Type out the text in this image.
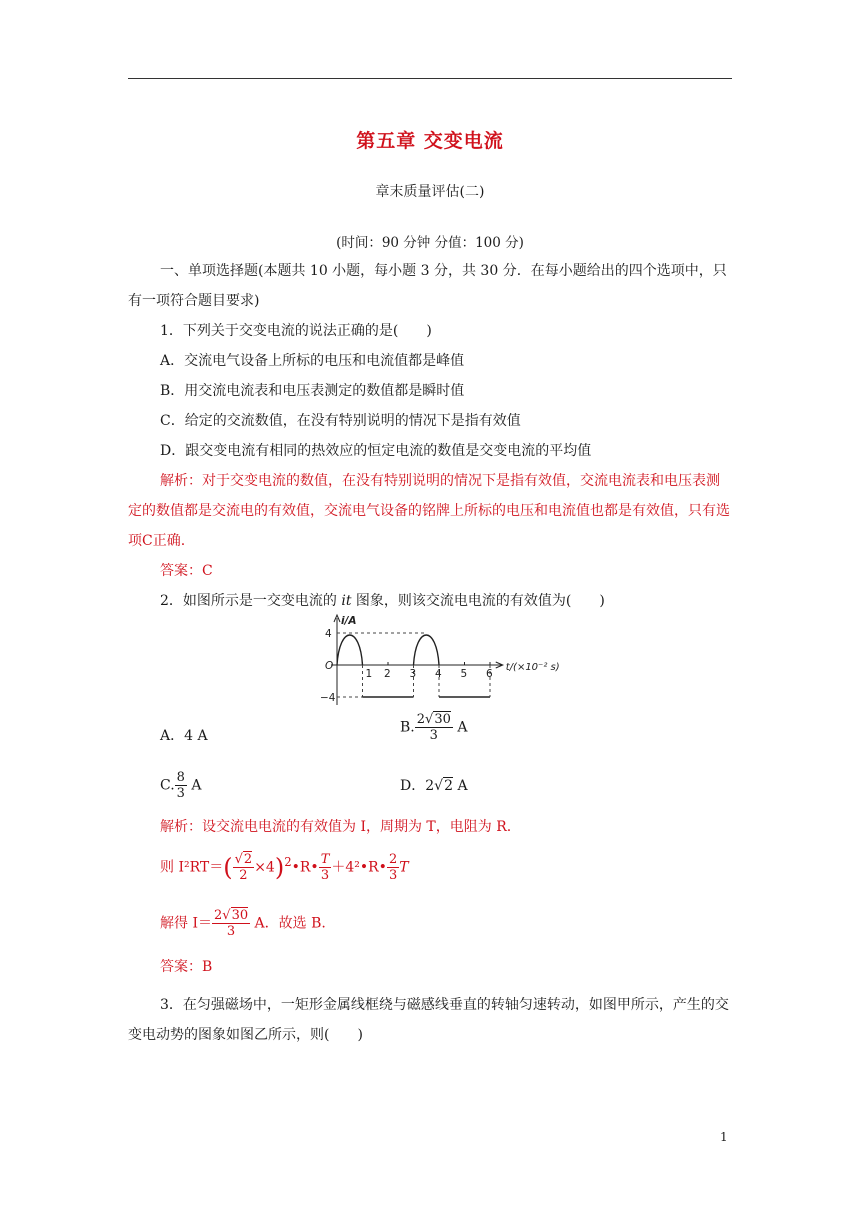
第五章 交变电流
章末质量评估(二)
(时间：90 分钟 分值：100 分)
一、单项选择题(本题共 10 小题，每小题 3 分，共 30 分．在每小题给出的四个选项中，只有一项符合题目要求)
1．下列关于交变电流的说法正确的是(　　)
A．交流电气设备上所标的电压和电流值都是峰值
B．用交流电流表和电压表测定的数值都是瞬时值
C．给定的交流数值，在没有特别说明的情况下是指有效值
D．跟交变电流有相同的热效应的恒定电流的数值是交变电流的平均值
解析：对于交变电流的数值，在没有特别说明的情况下是指有效值，交流电流表和电压表测定的数值都是交流电的有效值，交流电气设备的铭牌上所标的电压和电流值也都是有效值，只有选项C正确.
答案：C
2．如图所示是一交变电流的 it 图象，则该交流电电流的有效值为(　　)
1 2 3 4 5 6
4
O
−4
i/A
t/(×10⁻² s)
A．4 A
B. $\frac{2√30}{3}$ A
C. $\frac{8}{3}$ A	D．2√2 A
解析：设交流电电流的有效值为 I，周期为 T，电阻为 R.
则 $I^2RT=( \frac{√2}{2}$ $\times 4)^2•R• \frac{T}{3}$ ＋4²•R• $\frac{2}{3}$ T
解得 $I= \frac{2√30}{3}$ A．故选 B.
答案：B
3．在匀强磁场中，一矩形金属线框绕与磁感线垂直的转轴匀速转动，如图甲所示，产生的交变电动势的图象如图乙所示，则(　　)
1
